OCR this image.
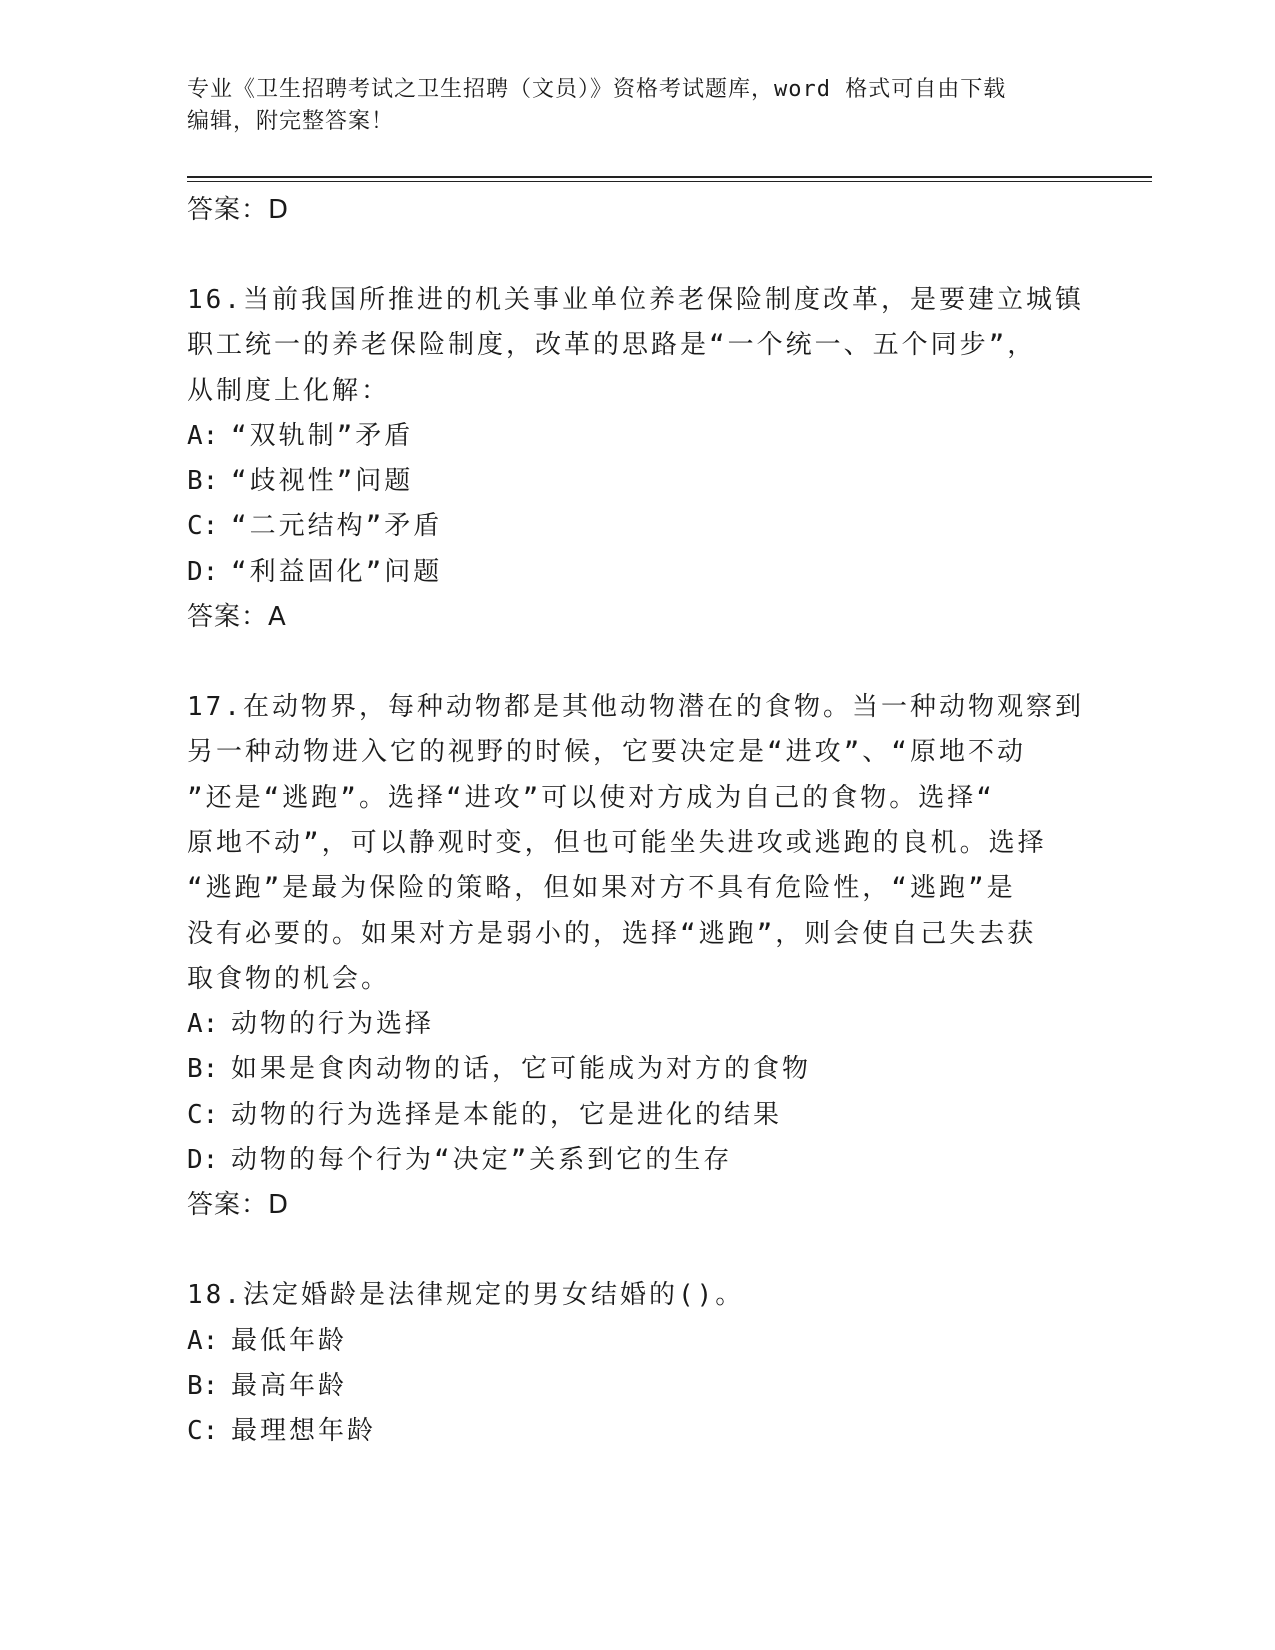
专业《卫生招聘考试之卫生招聘（文员）》资格考试题库，word 格式可自由下载
编辑，附完整答案！
答案：D
16.当前我国所推进的机关事业单位养老保险制度改革，是要建立城镇
职工统一的养老保险制度，改革的思路是“一个统一、五个同步”，
从制度上化解：
A: “双轨制”矛盾
B: “歧视性”问题
C: “二元结构”矛盾
D: “利益固化”问题
答案：A
17.在动物界，每种动物都是其他动物潜在的食物。当一种动物观察到
另一种动物进入它的视野的时候，它要决定是“进攻”、“原地不动
”还是“逃跑”。选择“进攻”可以使对方成为自己的食物。选择“
原地不动”，可以静观时变，但也可能坐失进攻或逃跑的良机。选择
“逃跑”是最为保险的策略，但如果对方不具有危险性，“逃跑”是
没有必要的。如果对方是弱小的，选择“逃跑”，则会使自己失去获
取食物的机会。
A: 动物的行为选择
B: 如果是食肉动物的话，它可能成为对方的食物
C: 动物的行为选择是本能的，它是进化的结果
D: 动物的每个行为“决定”关系到它的生存
答案：D
18.法定婚龄是法律规定的男女结婚的()。
A: 最低年龄
B: 最高年龄
C: 最理想年龄
